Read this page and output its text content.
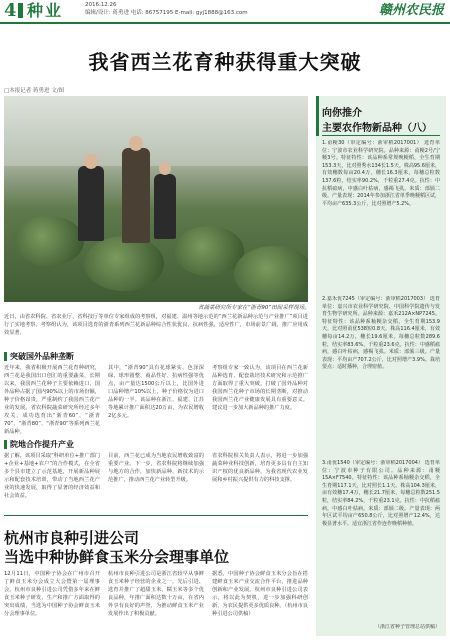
4 种业	2016.12.26
编辑/设计: 蒋勇进 电话: 86757195 E-mail: gyj1888@163.com	赣州农民报
我省西兰花育种获得重大突破
□本报记者 蒋勇进 文/图
省蔬菜研究所专家在“浙青90”田间采样现场。
近日，由省农科院、省农业厅、省科技厅等单位专家组成的考察组，对福建、温州等地示范的“西兰花新品种示范与产业推广”项目进行了实地考察。考察组认为，该项目选育的浙青系列西兰花新品种综合性状优良，抗病性强，适应性广，市场前景广阔，推广应用成效显著。
突破国外品种垄断
近年来，我省积极开展西兰花育种研究，西兰花是我国出口创汇的重要蔬菜，长期以来，我国西兰花种子主要依赖进口，国外品种占据了国内90%以上的市场份额，种子价格昂贵，严重制约了我国西兰花产业的发展。省农科院蔬菜研究所经过多年攻关，成功选育出“浙青60”、“浙青70”、“浙青80”、“浙青90”等系列西兰花新品种。
其中，“浙青90”具有花球紧实、色泽深绿、球形圆整、商品性好、抗病性强等优点，亩产量达1500公斤以上，比国外进口品种增产10%以上，种子价格仅为进口品种的一半。该品种在浙江、福建、江苏等地累计推广面积达20万亩，为农民增收2亿多元。
考察组专家一致认为，该项目在西兰花新品种选育、配套栽培技术研究和示范推广方面取得了重大突破，打破了国外品种对我国西兰花种子市场的长期垄断，对推动我国西兰花产业健康发展具有重要意义。建议进一步加大新品种的推广力度。
院地合作提升产业
据了解，该项目采取“科研单位+推广部门+企业+基地+农户”的合作模式，在全省多个县市建立了示范基地，开展新品种展示和配套技术培训，带动了当地西兰花产业的快速发展，取得了显著的经济效益和社会效益。
目前，西兰花已成为当地农民增收致富的重要产业。下一步，省农科院将继续加强与地方的合作，加快新品种、新技术的示范推广，推动西兰花产业转型升级。
省农科院相关负责人表示，将进一步加强蔬菜种业科技创新，培育更多具有自主知识产权的优良新品种，为我省现代农业发展和乡村振兴提供有力的科技支撑。
杭州市良种引进公司
当选中种协鲜食玉米分会理事单位
12月11日，中国种子协会在广州市召开了鲜食玉米分会成立大会暨第一届理事会。杭州市良种引进公司凭借多年来在鲜食玉米种子研发、生产和推广方面取得的突出成绩，当选为中国种子协会鲜食玉米分会理事单位。
杭州市良种引进公司是浙江省较早从事鲜食玉米种子经营的企业之一，先后引进、选育并推广了超甜玉米、糯玉米等多个优良品种，年推广面积达数十万亩，在省内外享有良好的声誉，为推动鲜食玉米产业发展作出了积极贡献。
据悉，中国种子协会鲜食玉米分会旨在搭建鲜食玉米产业交流合作平台，推进品种创新和产业发展。杭州市良种引进公司表示，将以此为契机，进一步加强科研创新，为农民提供更多优质良种。（杭州市良种引进公司供稿）
向你推介
主要农作物新品种（八）
1.甬粳30（审定编号：浙审稻2017001） 选育单位：宁波市农业科学研究院。品种来源：甬粳2号/宁粳3号。特征特性：该品种系常规晚粳稻，全生育期153.3天，比对照秀水134长1.5天。株高95.6厘米，有效穗数每亩20.4万，穗长16.3厘米，每穗总粒数137.6粒，结实率90.2%，千粒重27.4克。抗性：中抗稻瘟病，中感白叶枯病，感褐飞虱。米质：部颁二级。产量表现：2014年参加浙江省单季晚粳稻区试，平均亩产635.3公斤，比对照增产5.2%。
2.嘉禾优7245（审定编号：浙审稻2017003） 选育单位：嘉兴市农业科学研究院、中国科学院遗传与发育生物学研究所。品种来源：嘉禾212A×NP7245。特征特性：该品种系籼粳杂交稻，全生育期153.9天，比对照甬优538短0.8天。株高116.4厘米，有效穗每亩14.2万，穗长19.6厘米，每穗总粒数289.6粒，结实率83.6%，千粒重23.6克。抗性：中感稻瘟病，感白叶枯病，感褐飞虱。米质：部颁三级。产量表现：平均亩产707.2公斤，比对照增产3.9%。栽培要点：适时播种，合理密植。
3.甬优1540（审定编号：浙审稻2017004） 选育单位：宁波市种子有限公司。品种来源：甬粳15A×F7540。特征特性：该品种系籼粳杂交稻，全生育期117.1天，比对照长1.1天。株高104.3厘米，亩有效穗17.4万，穗长21.7厘米，每穗总粒数251.5粒，结实率84.2%，千粒重23.1克。抗性：中抗稻瘟病，中感白叶枯病。米质：部颁二级。产量表现：两年区试平均亩产650.8公斤，比对照增产12.4%，达极显著水平。适宜浙江省作连作晚稻种植。
（浙江省种子管理总站供稿）
